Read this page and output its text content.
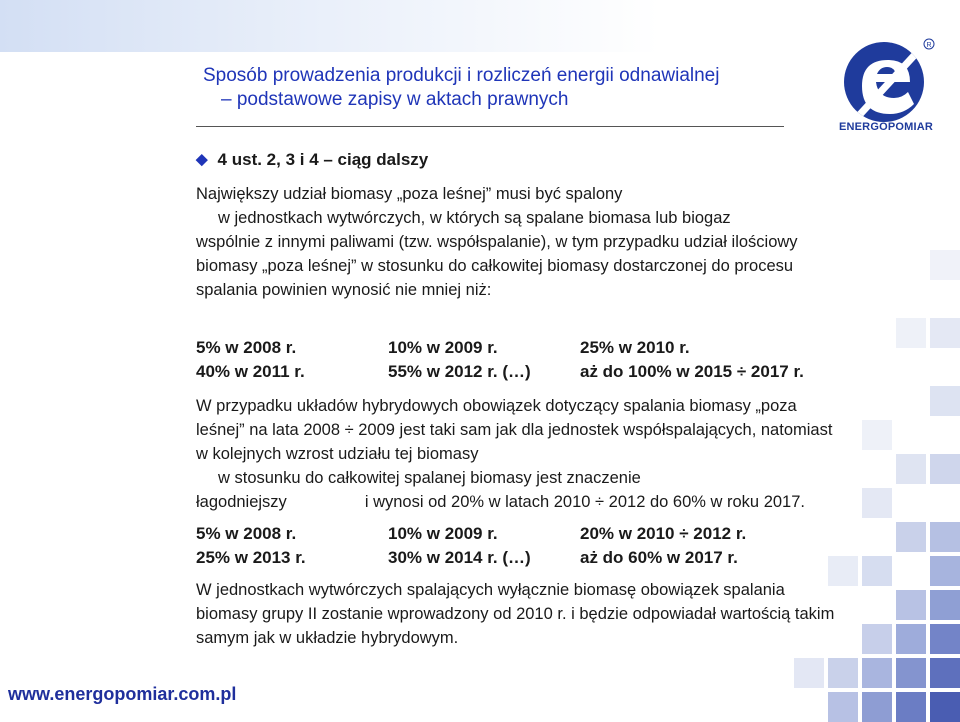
Sposób prowadzenia produkcji i rozliczeń energii odnawialnej
– podstawowe zapisy w aktach prawnych
R
ENERGOPOMIAR
◆ 4 ust. 2, 3 i 4 – ciąg dalszy

Największy udział biomasy „poza leśnej” musi być spalony
w jednostkach wytwórczych, w których są spalane biomasa lub biogaz
wspólnie z innymi paliwami (tzw. współspalanie), w tym przypadku udział ilościowy biomasy „poza leśnej” w stosunku do całkowitej biomasy dostarczonej do procesu spalania powinien wynosić nie mniej niż:

5% w 2008 r.	10% w 2009 r.	25% w 2010 r.
40% w 2011 r.	55% w 2012 r. (…)	aż do 100% w 2015 ÷ 2017 r.

W przypadku układów hybrydowych obowiązek dotyczący spalania biomasy „poza leśnej” na lata 2008 ÷ 2009 jest taki sam jak dla jednostek współspalających, natomiast w kolejnych wzrost udziału tej biomasy
w stosunku do całkowitej spalanej biomasy jest znaczenie
łagodniejszy	i wynosi od 20% w latach 2010 ÷ 2012 do 60% w roku 2017.

5% w 2008 r.	10% w 2009 r.	20% w 2010 ÷ 2012 r.
25% w 2013 r.	30% w 2014 r. (…)	aż do 60% w 2017 r.

W jednostkach wytwórczych spalających wyłącznie biomasę obowiązek spalania biomasy grupy II zostanie wprowadzony od 2010 r. i będzie odpowiadał wartością takim samym jak w układzie hybrydowym.

www.energopomiar.com.pl
